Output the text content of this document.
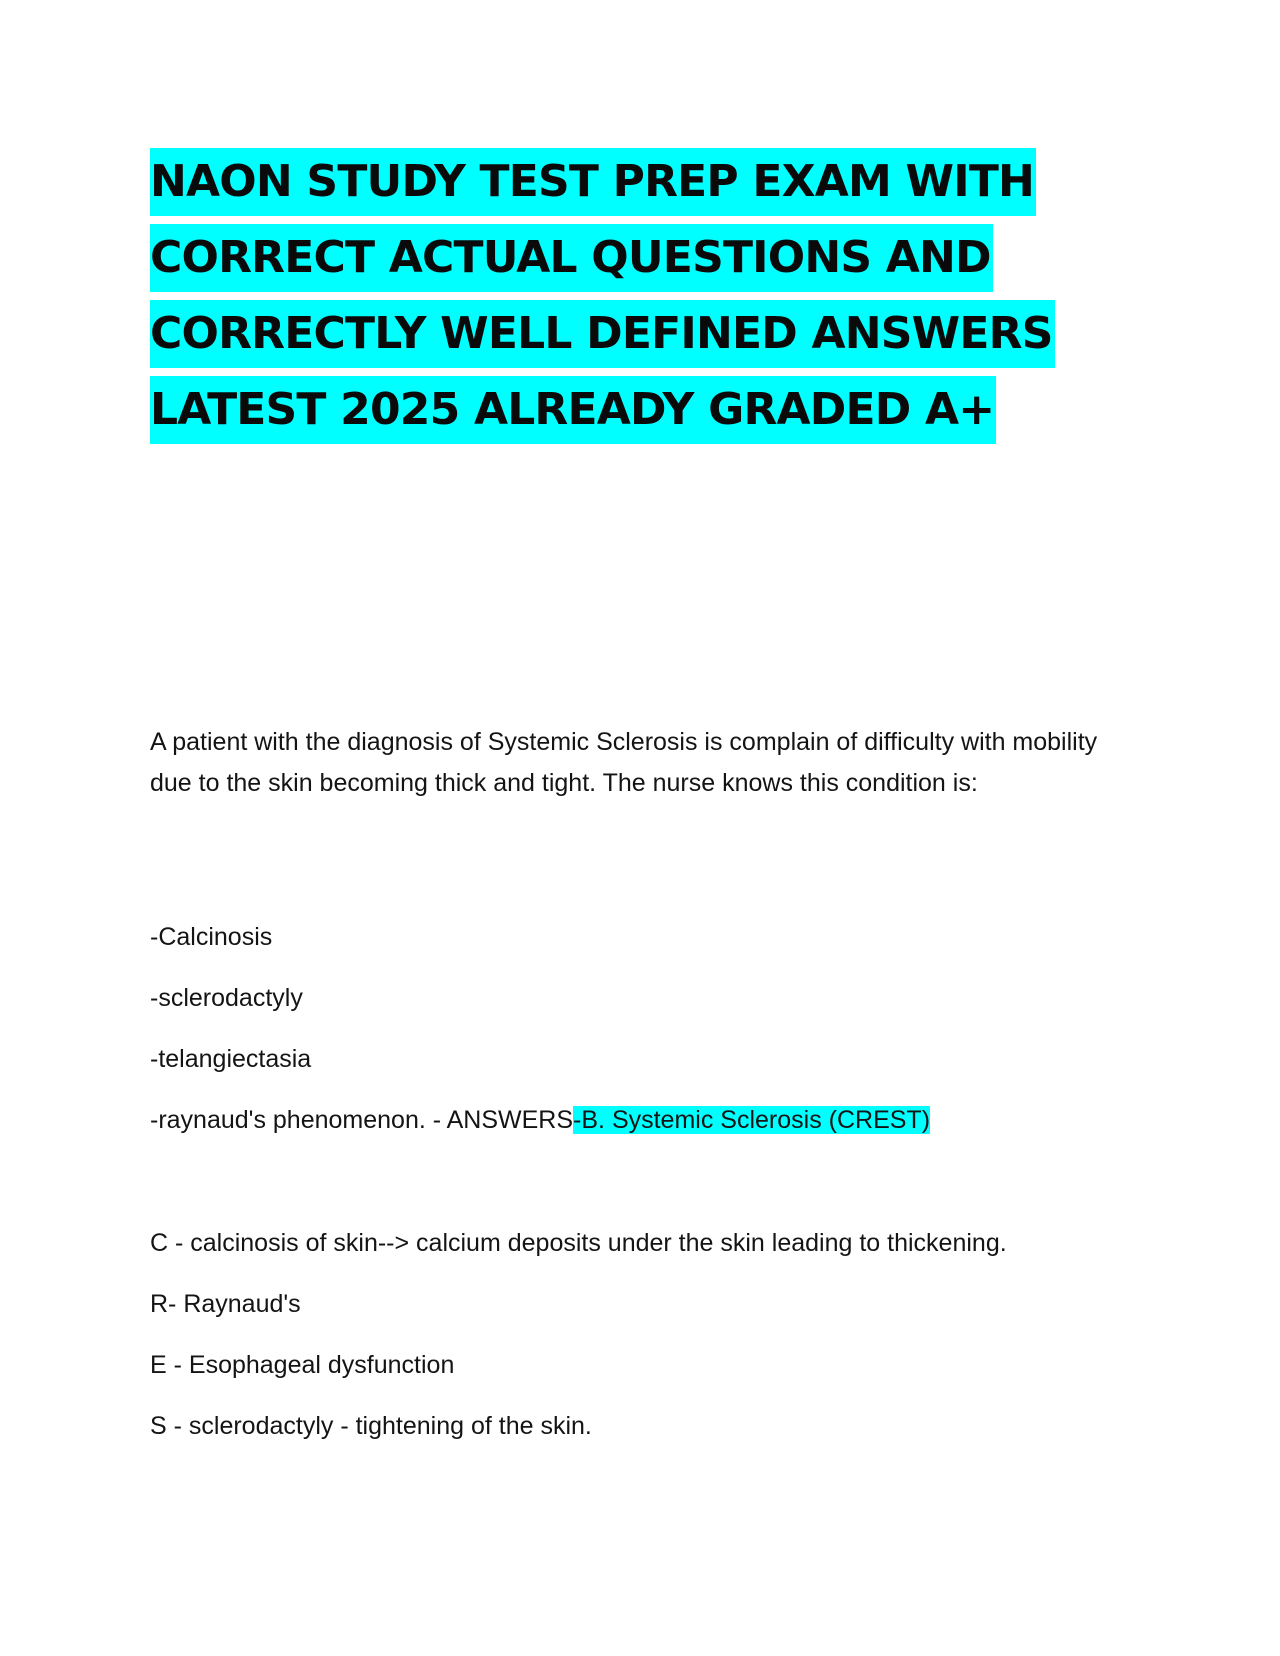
NAON STUDY TEST PREP EXAM WITH
CORRECT ACTUAL QUESTIONS AND
CORRECTLY WELL DEFINED ANSWERS
LATEST 2025 ALREADY GRADED A+
A patient with the diagnosis of Systemic Sclerosis is complain of difficulty with mobility due to the skin becoming thick and tight. The nurse knows this condition is:
-Calcinosis
-sclerodactyly
-telangiectasia
-raynaud's phenomenon. - ANSWERS-B. Systemic Sclerosis (CREST)
C - calcinosis of skin--> calcium deposits under the skin leading to thickening.
R- Raynaud's
E - Esophageal dysfunction
S - sclerodactyly - tightening of the skin.
